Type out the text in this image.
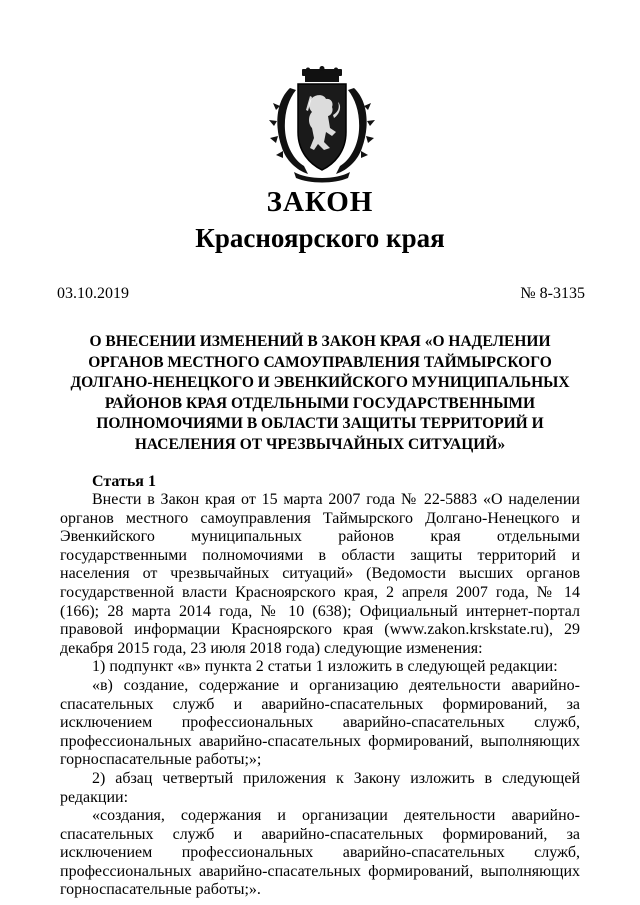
ЗАКОН
Красноярского края
03.10.2019	№ 8-3135
О ВНЕСЕНИИ ИЗМЕНЕНИЙ В ЗАКОН КРАЯ «О НАДЕЛЕНИИ ОРГАНОВ МЕСТНОГО САМОУПРАВЛЕНИЯ ТАЙМЫРСКОГО ДОЛГАНО-НЕНЕЦКОГО И ЭВЕНКИЙСКОГО МУНИЦИПАЛЬНЫХ РАЙОНОВ КРАЯ ОТДЕЛЬНЫМИ ГОСУДАРСТВЕННЫМИ ПОЛНОМОЧИЯМИ В ОБЛАСТИ ЗАЩИТЫ ТЕРРИТОРИЙ И НАСЕЛЕНИЯ ОТ ЧРЕЗВЫЧАЙНЫХ СИТУАЦИЙ»
Статья 1

Внести в Закон края от 15 марта 2007 года № 22-5883 «О наделении органов местного самоуправления Таймырского Долгано-Ненецкого и Эвенкийского муниципальных районов края отдельными государственными полномочиями в области защиты территорий и населения от чрезвычайных ситуаций» (Ведомости высших органов государственной власти Красноярского края, 2 апреля 2007 года, № 14 (166); 28 марта 2014 года, № 10 (638); Официальный интернет-портал правовой информации Красноярского края (www.zakon.krskstate.ru), 29 декабря 2015 года, 23 июля 2018 года) следующие изменения:

1) подпункт «в» пункта 2 статьи 1 изложить в следующей редакции:

«в) создание, содержание и организацию деятельности аварийно-спасательных служб и аварийно-спасательных формирований, за исключением профессиональных аварийно-спасательных служб, профессиональных аварийно-спасательных формирований, выполняющих горноспасательные работы;»;

2) абзац четвертый приложения к Закону изложить в следующей редакции:

«создания, содержания и организации деятельности аварийно-спасательных служб и аварийно-спасательных формирований, за исключением профессиональных аварийно-спасательных служб, профессиональных аварийно-спасательных формирований, выполняющих горноспасательные работы;».
